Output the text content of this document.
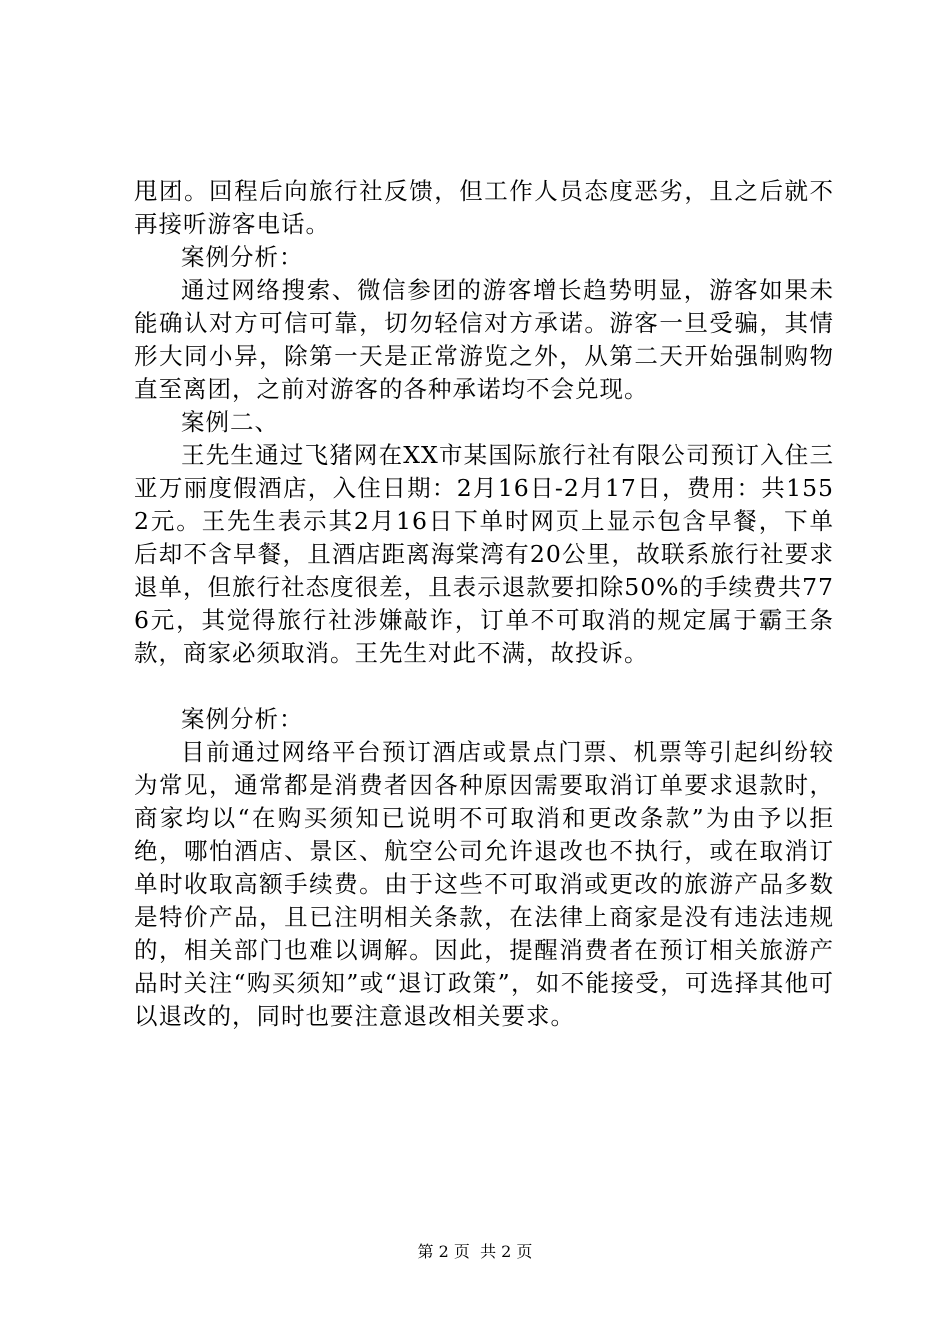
甩团。回程后向旅行社反馈，但工作人员态度恶劣，且之后就不再接听游客电话。

案例分析：

通过网络搜索、微信参团的游客增长趋势明显，游客如果未能确认对方可信可靠，切勿轻信对方承诺。游客一旦受骗，其情形大同小异，除第一天是正常游览之外，从第二天开始强制购物直至离团，之前对游客的各种承诺均不会兑现。

案例二、

王先生通过飞猪网在XX市某国际旅行社有限公司预订入住三亚万丽度假酒店，入住日期：2月16日-2月17日，费用：共1552元。王先生表示其2月16日下单时网页上显示包含早餐，下单后却不含早餐，且酒店距离海棠湾有20公里，故联系旅行社要求退单，但旅行社态度很差，且表示退款要扣除50%的手续费共776元，其觉得旅行社涉嫌敲诈，订单不可取消的规定属于霸王条款，商家必须取消。王先生对此不满，故投诉。

案例分析：

目前通过网络平台预订酒店或景点门票、机票等引起纠纷较为常见，通常都是消费者因各种原因需要取消订单要求退款时，商家均以“在购买须知已说明不可取消和更改条款”为由予以拒绝，哪怕酒店、景区、航空公司允许退改也不执行，或在取消订单时收取高额手续费。由于这些不可取消或更改的旅游产品多数是特价产品，且已注明相关条款，在法律上商家是没有违法违规的，相关部门也难以调解。因此，提醒消费者在预订相关旅游产品时关注“购买须知”或“退订政策”，如不能接受，可选择其他可以退改的，同时也要注意退改相关要求。

第 2 页  共 2 页
